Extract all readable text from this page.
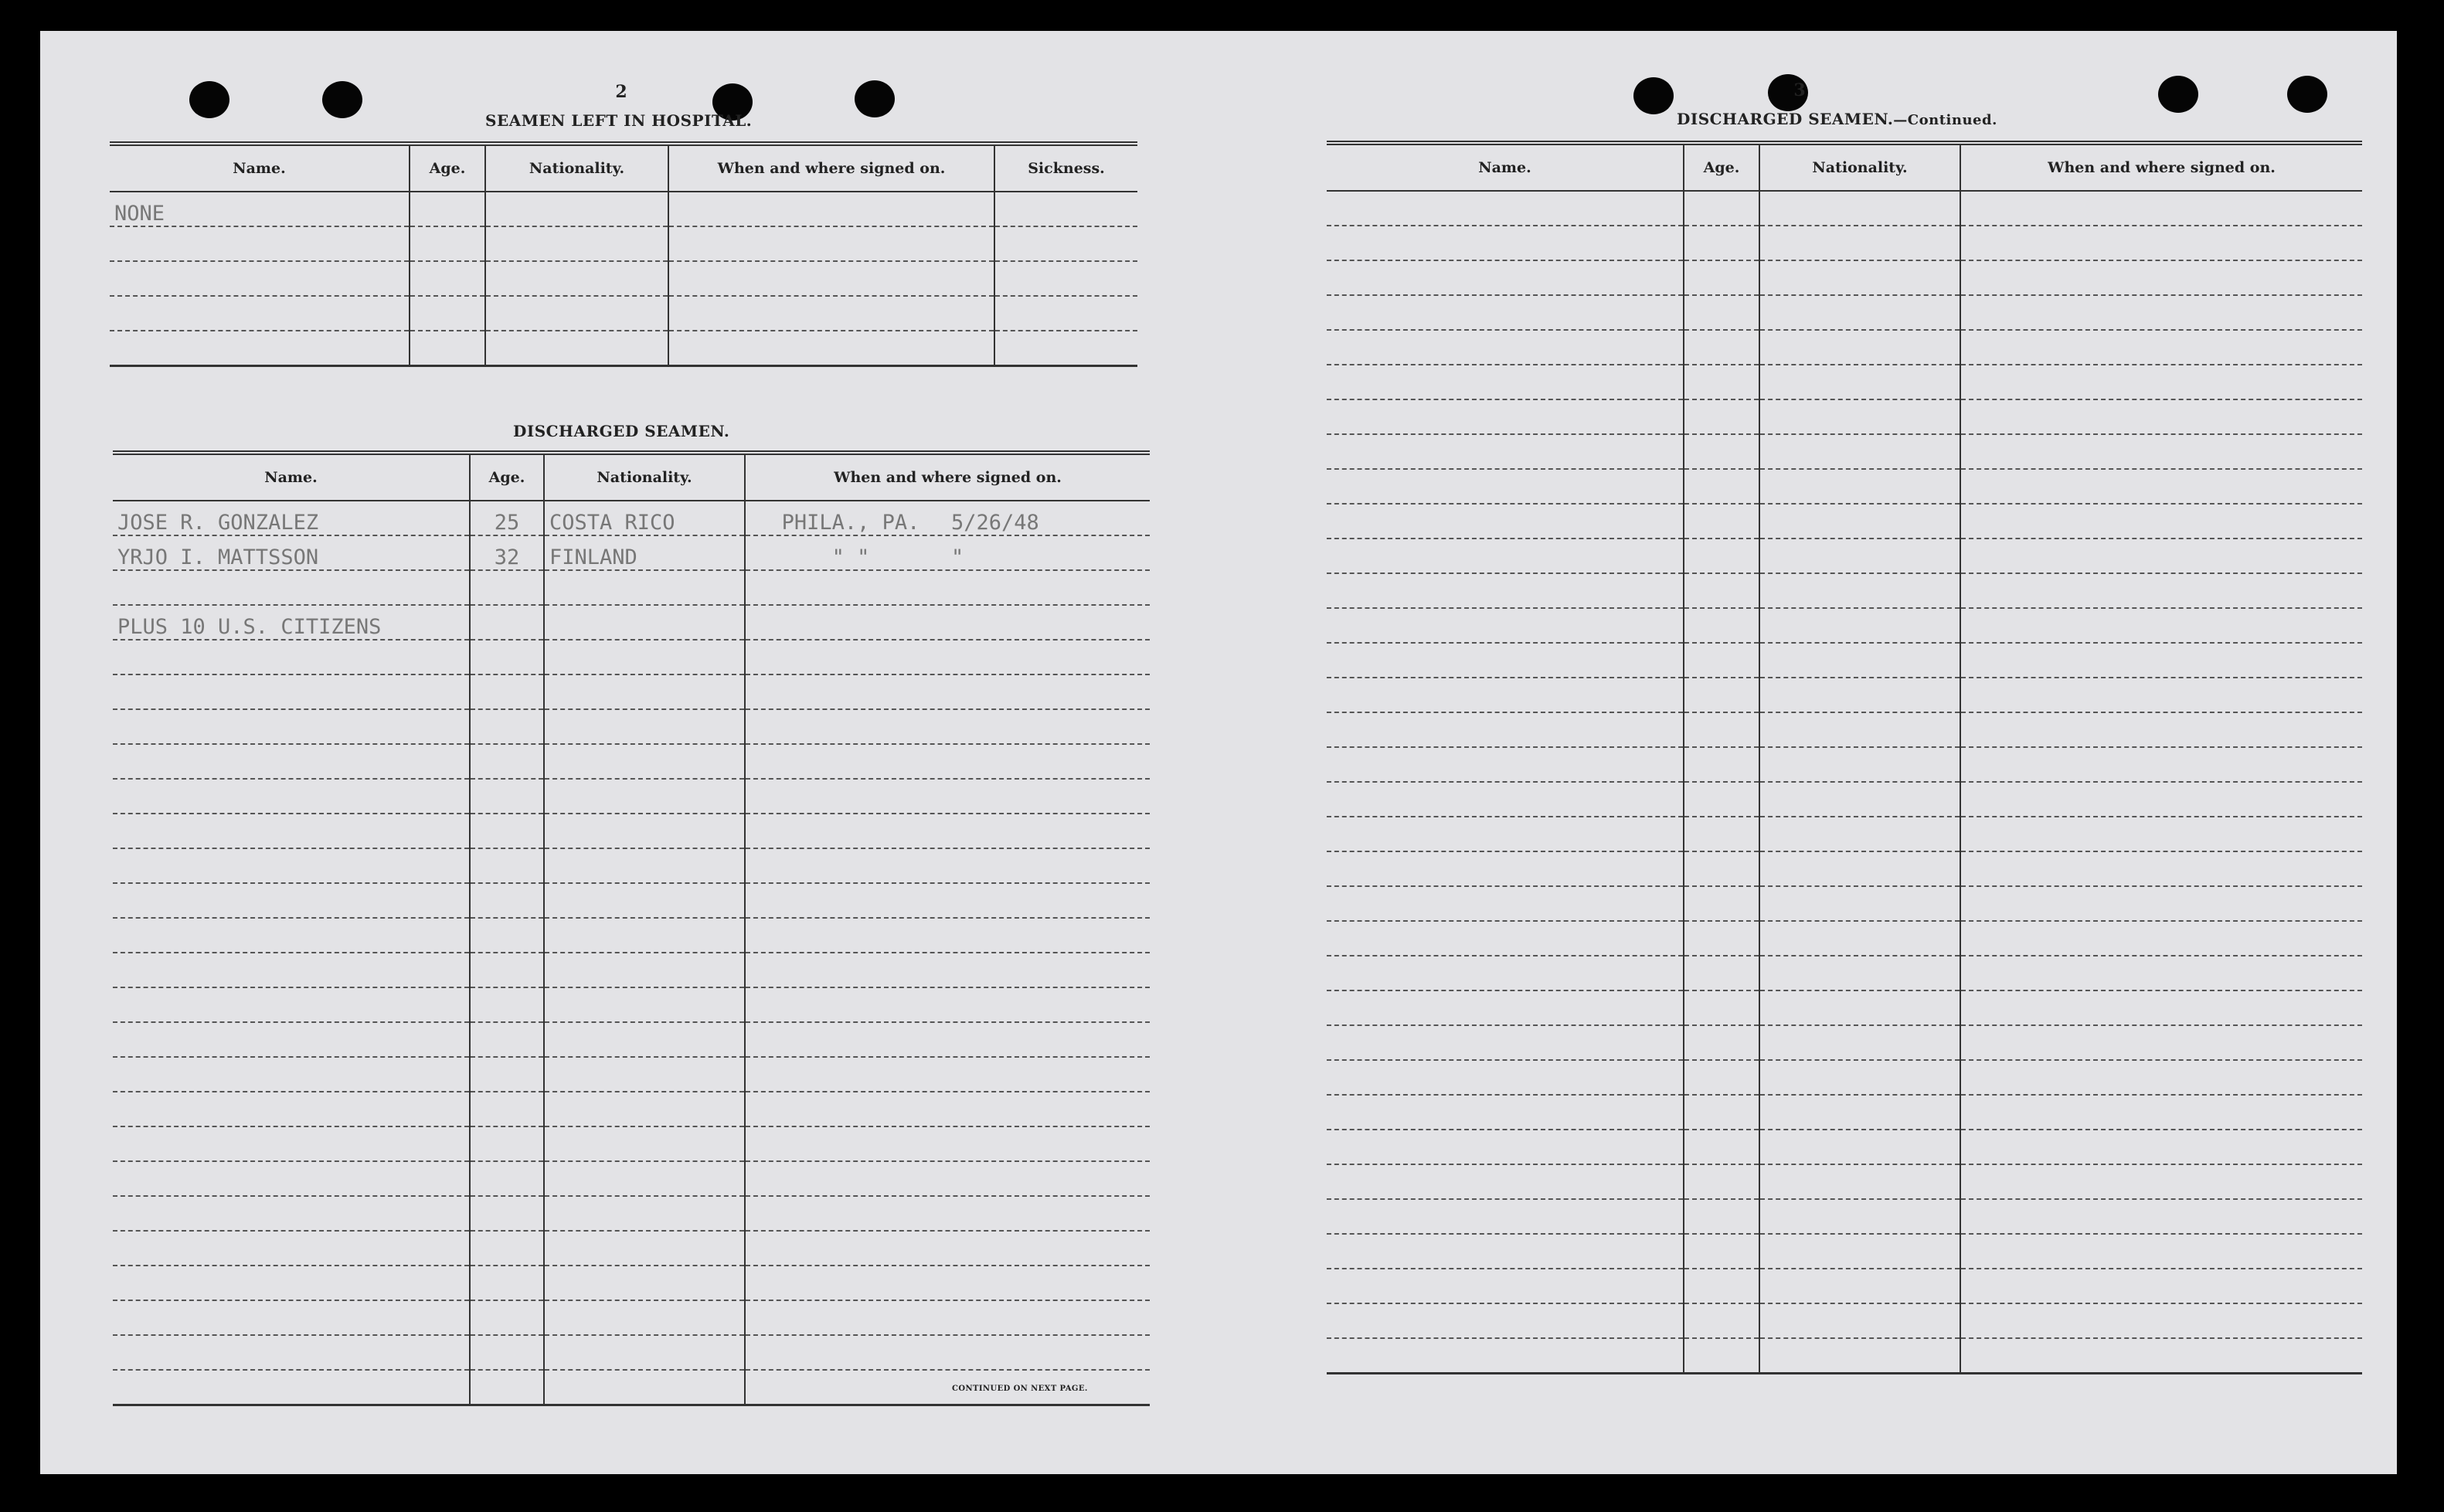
2
SEAMEN LEFT IN HOSPITAL.
Name.	Age.	Nationality.	When and where signed on.	Sickness.
NONE				

DISCHARGED SEAMEN.
Name.	Age.	Nationality.	When and where signed on.
JOSE R. GONZALEZ	25	COSTA RICO	PHILA., PA. 5/26/48
YRJO I. MATTSSON	32	FINLAND	" " "

PLUS 10 U.S. CITIZENS			

CONTINUED ON NEXT PAGE.
3
DISCHARGED SEAMEN.—Continued.
Name.	Age.	Nationality.	When and where signed on.
